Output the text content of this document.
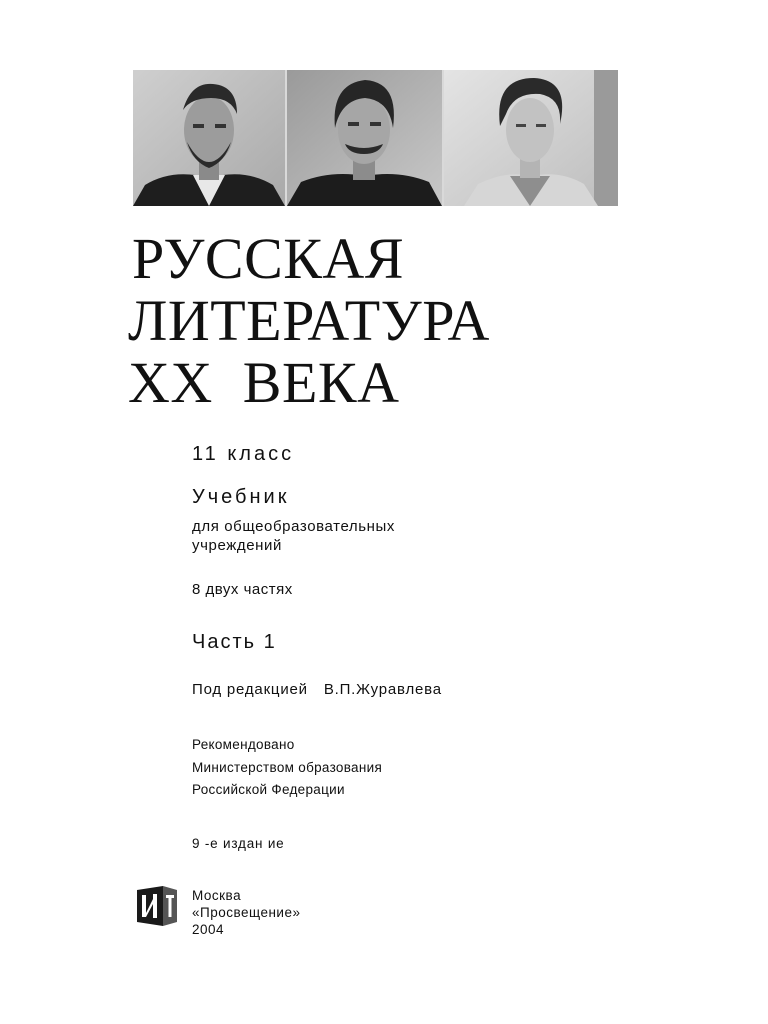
РУССКАЯ
ЛИТЕРАТУРА
XX  ВЕКА

11 класс

Учебник

для общеобразовательных
учреждений

8 двух частях

Часть 1

Под редакцией В.П.Журавлева

Рекомендовано
Министерством образования
Российской Федерации

9 -е издан ие

Москва
«Просвещение»
2004
